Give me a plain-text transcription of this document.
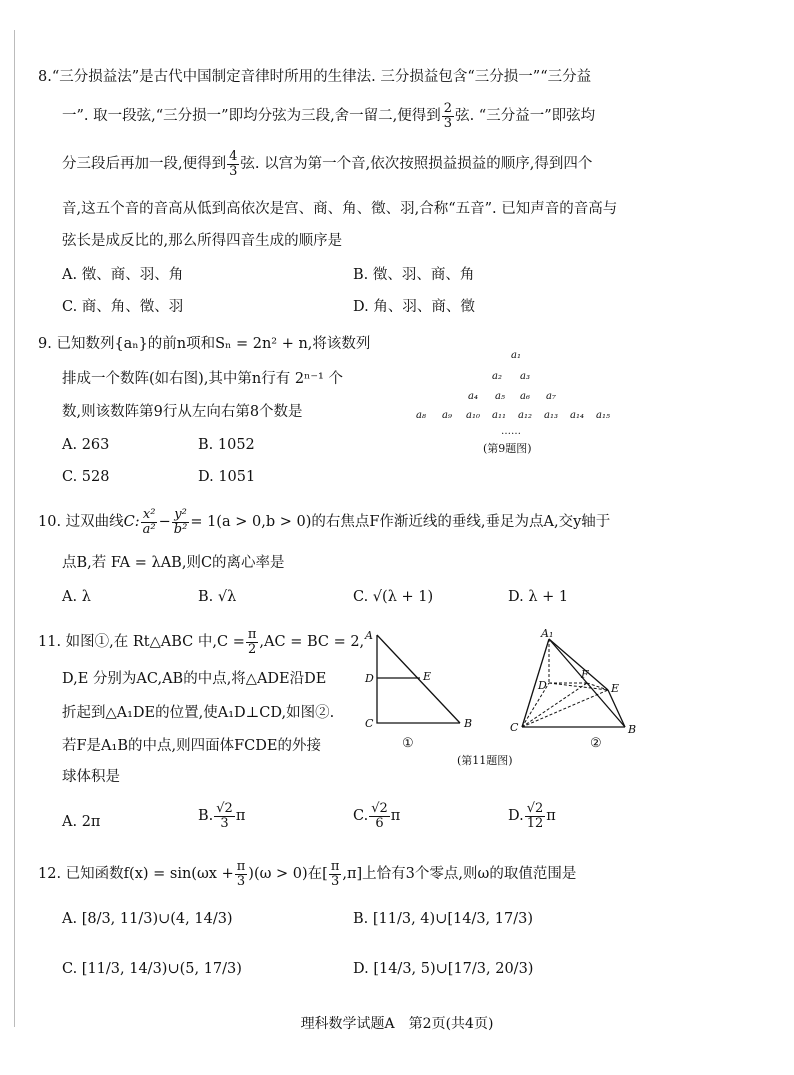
8.“三分损益法”是古代中国制定音律时所用的生律法. 三分损益包含“三分损一”“三分益
一”. 取一段弦,“三分损一”即均分弦为三段,舍一留二,便得到 $\frac{2}{3}$ 弦. “三分益一”即弦均
分三段后再加一段,便得到 $\frac{4}{3}$ 弦. 以宫为第一个音,依次按照损益损益的顺序,得到四个
音,这五个音的音高从低到高依次是宫、商、角、徵、羽,合称“五音”. 已知声音的音高与
弦长是成反比的,那么所得四音生成的顺序是
A. 徵、商、羽、角	B. 徵、羽、商、角
C. 商、角、徵、羽	D. 角、羽、商、徵
9. 已知数列{aₙ}的前n项和Sₙ = 2n² + n,将该数列
排成一个数阵(如右图),其中第n行有 2ⁿ⁻¹ 个
数,则该数阵第9行从左向右第8个数是
A. 263	B. 1052
C. 528	D. 1051
a₁
a₂ a₃
a₄ a₅ a₆ a₇
a₈ a₉ a₁₀ a₁₁ a₁₂ a₁₃ a₁₄ a₁₅
……
(第9题图)
10. 过双曲线C: $\frac{\text{x²}}{\text{a²}} - \frac{\text{y²}}{\text{b²}} = 1(a > 0,b > 0)$的右焦点F作渐近线的垂线,垂足为点A,交y轴于
点B,若 FA = λAB,则C的离心率是
A. λ	B. √λ	C. √(λ + 1)	D. λ + 1
11. 如图①,在 Rt△ABC 中$,C = \frac{\pi}{2} ,AC$ = BC = 2,
D,E 分别为AC,AB的中点,将△ADE沿DE
折起到△A₁DE的位置,使A₁D⊥CD,如图②.
若F是A₁B的中点,则四面体FCDE的外接
球体积是
A. 2π	B. $\frac{√2}{3}$ π	C. $\frac{√2}{6}$ π	D. $\frac{√2}{12}$ π
A
D	E
C	B
①
A₁
D
F
E
C	B
②
(第11题图)
12. 已知函数$f(x) = \sin(\omega x + \frac{\pi}{3} )(\omega > 0)$在[ $\frac{\pi}{3} ,\pi$]上恰有3个零点,则ω的取值范围是
A. [8/3, 11/3)∪(4, 14/3)	B. [11/3, 4)∪[14/3, 17/3)
C. [11/3, 14/3)∪(5, 17/3)	D. [14/3, 5)∪[17/3, 20/3)
理科数学试题A　第2页(共4页)
